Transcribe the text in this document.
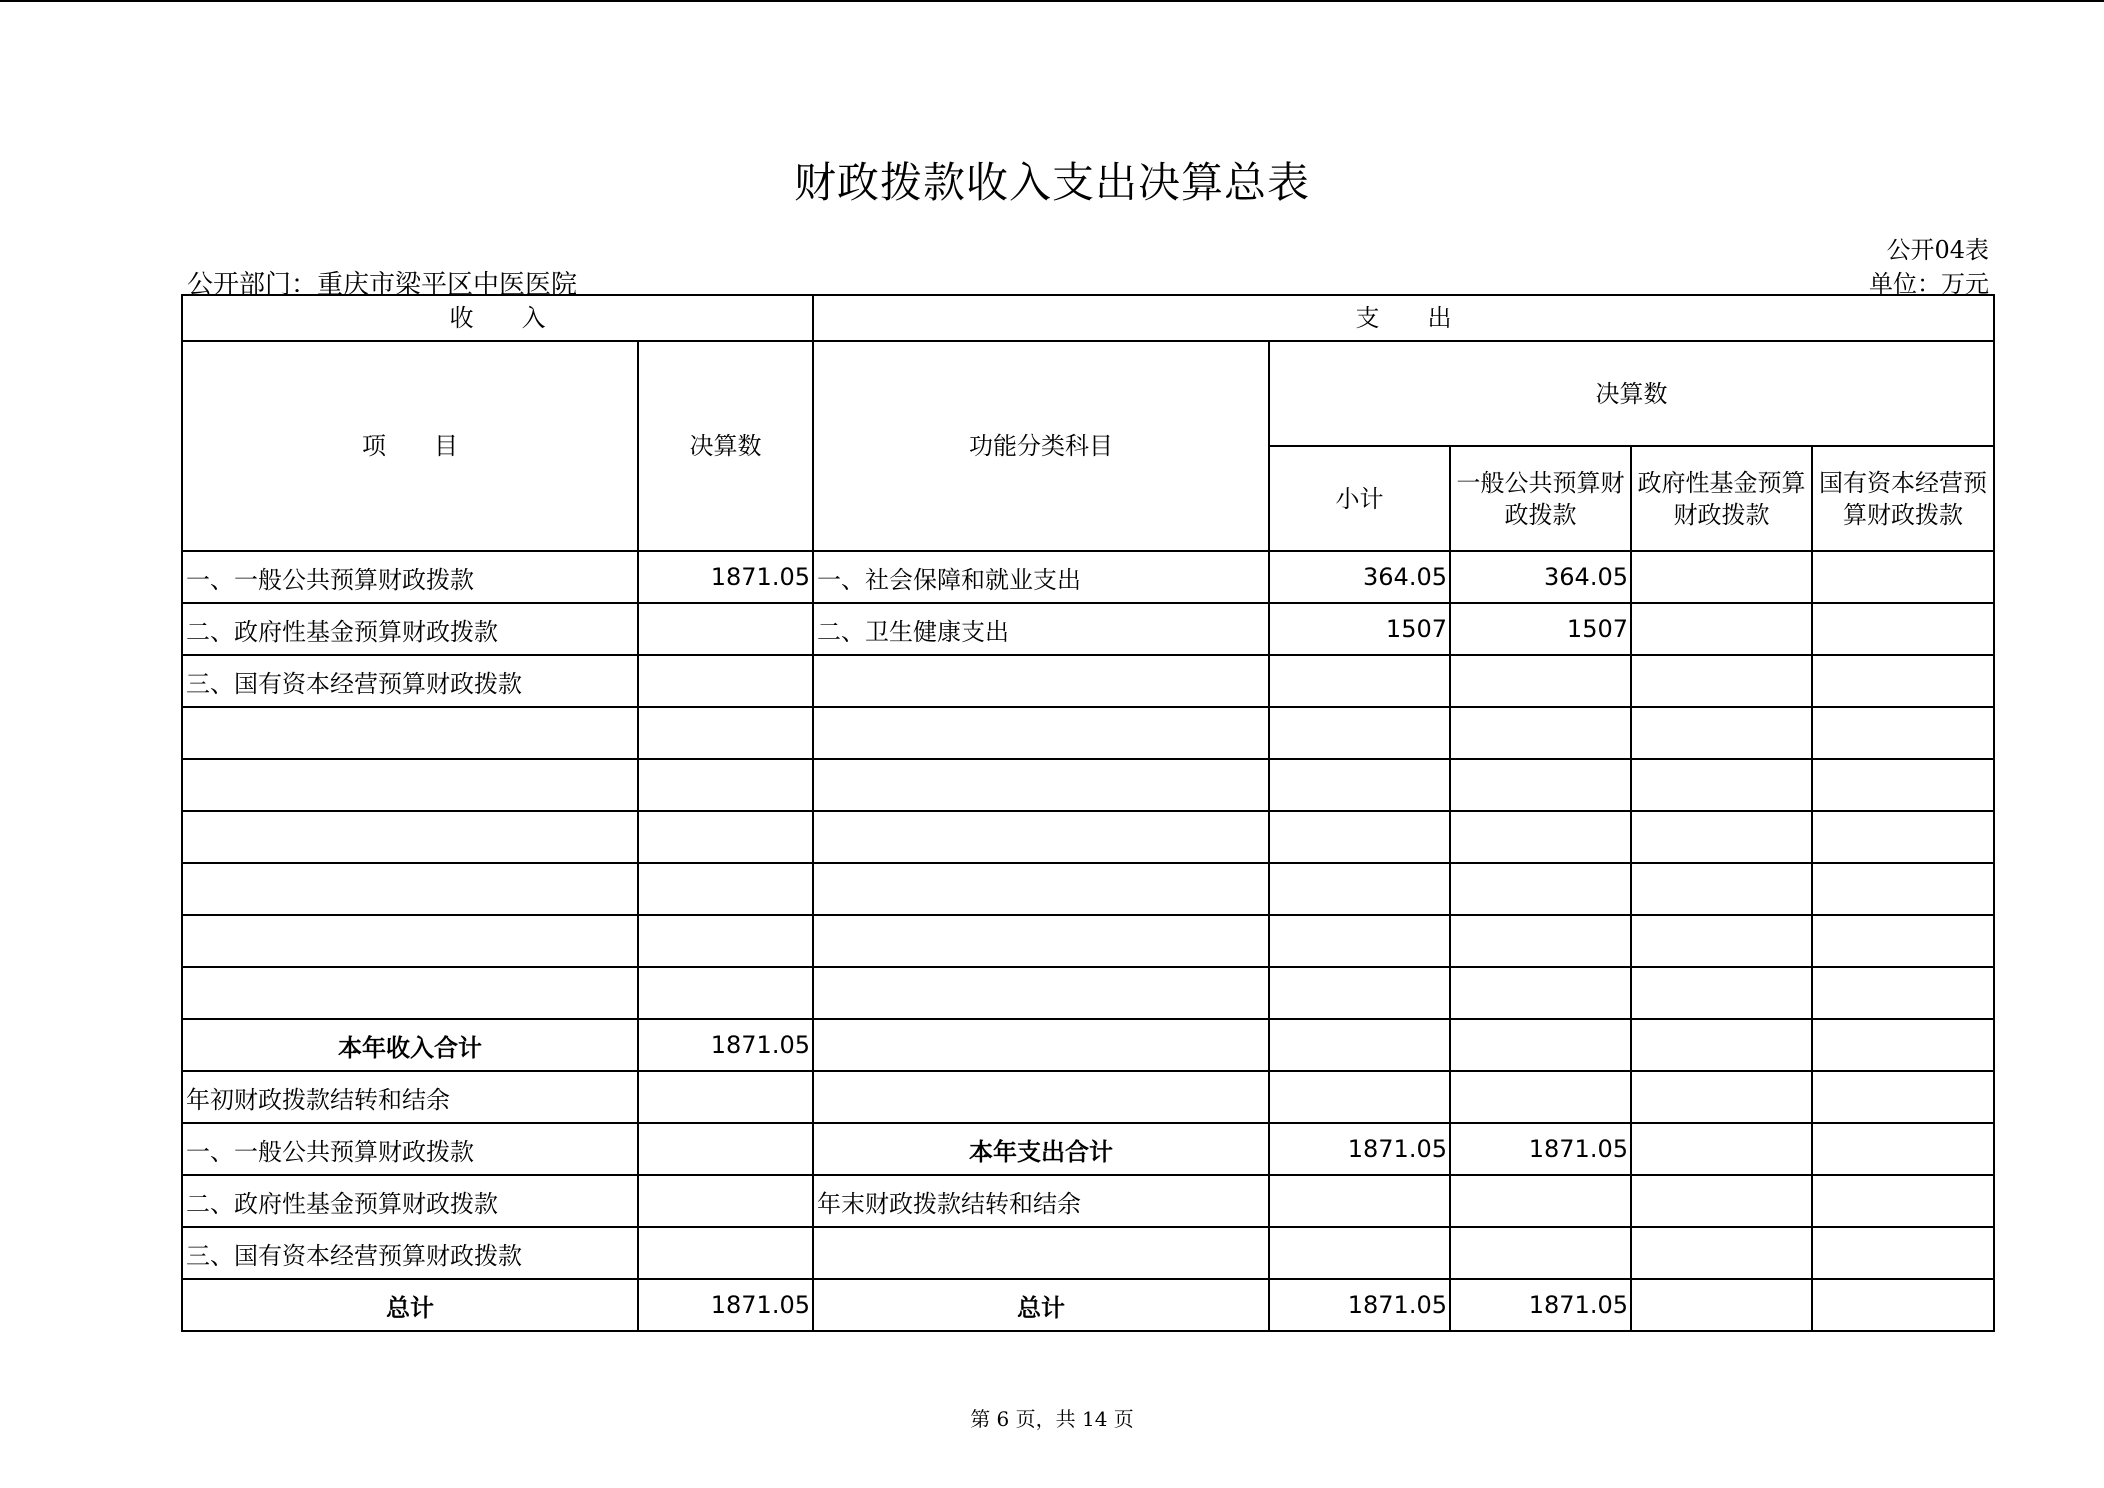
财政拨款收入支出决算总表
公开04表
公开部门：重庆市梁平区中医医院	单位：万元
收　　入		支　　出				
项　　目	决算数	功能分类科目	决算数			
			小计	一般公共预算财政拨款	政府性基金预算财政拨款	国有资本经营预算财政拨款
一、一般公共预算财政拨款	1871.05	一、社会保障和就业支出	364.05	364.05		
二、政府性基金预算财政拨款		二、卫生健康支出	1507	1507		
三、国有资本经营预算财政拨款						

本年收入合计	1871.05					
年初财政拨款结转和结余						
一、一般公共预算财政拨款		本年支出合计	1871.05	1871.05		
二、政府性基金预算财政拨款		年末财政拨款结转和结余				
三、国有资本经营预算财政拨款						
总计	1871.05	总计	1871.05	1871.05		
第 6 页，共 14 页
